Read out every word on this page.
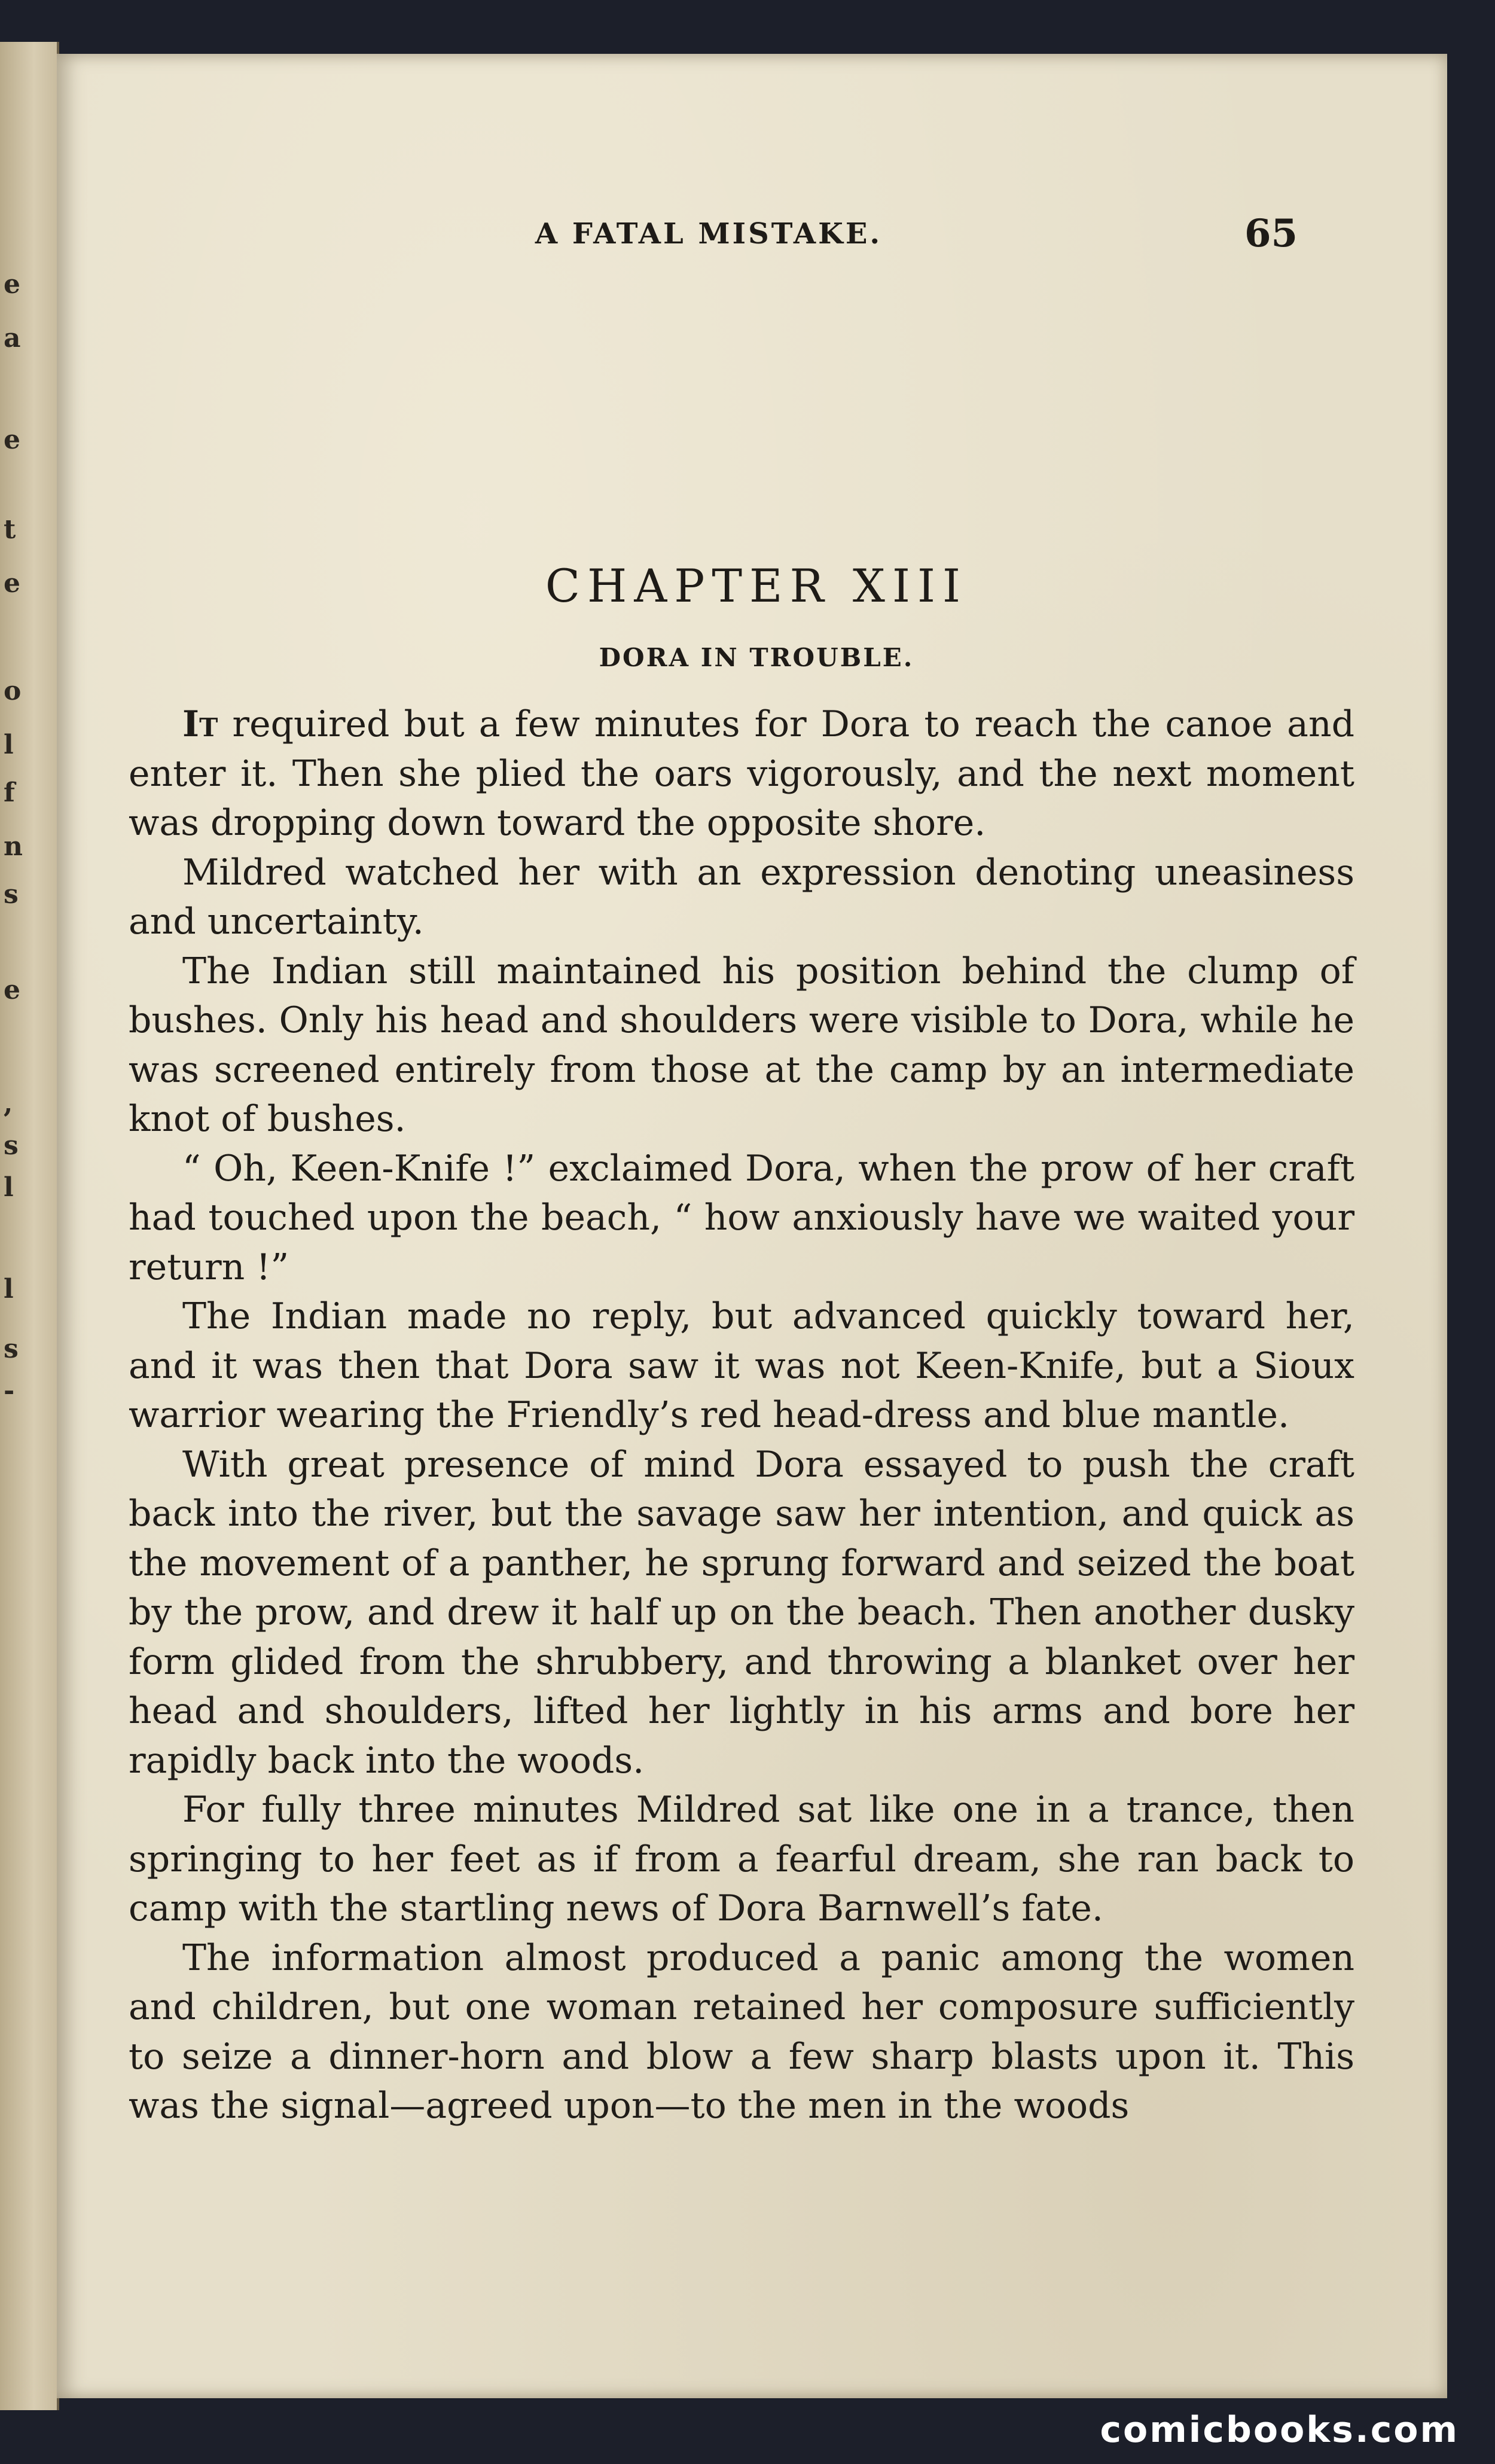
e
a
e
t
e
o
l
f
n
s
e
,
s
l
l
s
-
A FATAL MISTAKE.	65
CHAPTER XIII
DORA IN TROUBLE.

It required but a few minutes for Dora to reach the canoe and enter it. Then she plied the oars vigorously, and the next moment was dropping down toward the opposite shore.

Mildred watched her with an expression denoting uneasiness and uncertainty.

The Indian still maintained his position behind the clump of bushes. Only his head and shoulders were visible to Dora, while he was screened entirely from those at the camp by an intermediate knot of bushes.

“ Oh, Keen-Knife !” exclaimed Dora, when the prow of her craft had touched upon the beach, “ how anxiously have we waited your return !”

The Indian made no reply, but advanced quickly toward her, and it was then that Dora saw it was not Keen-Knife, but a Sioux warrior wearing the Friendly’s red head-dress and blue mantle.

With great presence of mind Dora essayed to push the craft back into the river, but the savage saw her intention, and quick as the movement of a panther, he sprung forward and seized the boat by the prow, and drew it half up on the beach. Then another dusky form glided from the shrubbery, and throwing a blanket over her head and shoulders, lifted her lightly in his arms and bore her rapidly back into the woods.

For fully three minutes Mildred sat like one in a trance, then springing to her feet as if from a fearful dream, she ran back to camp with the startling news of Dora Barnwell’s fate.

The information almost produced a panic among the women and children, but one woman retained her composure sufficiently to seize a dinner-horn and blow a few sharp blasts upon it. This was the signal—agreed upon—to the men in the woods

comicbooks.com
